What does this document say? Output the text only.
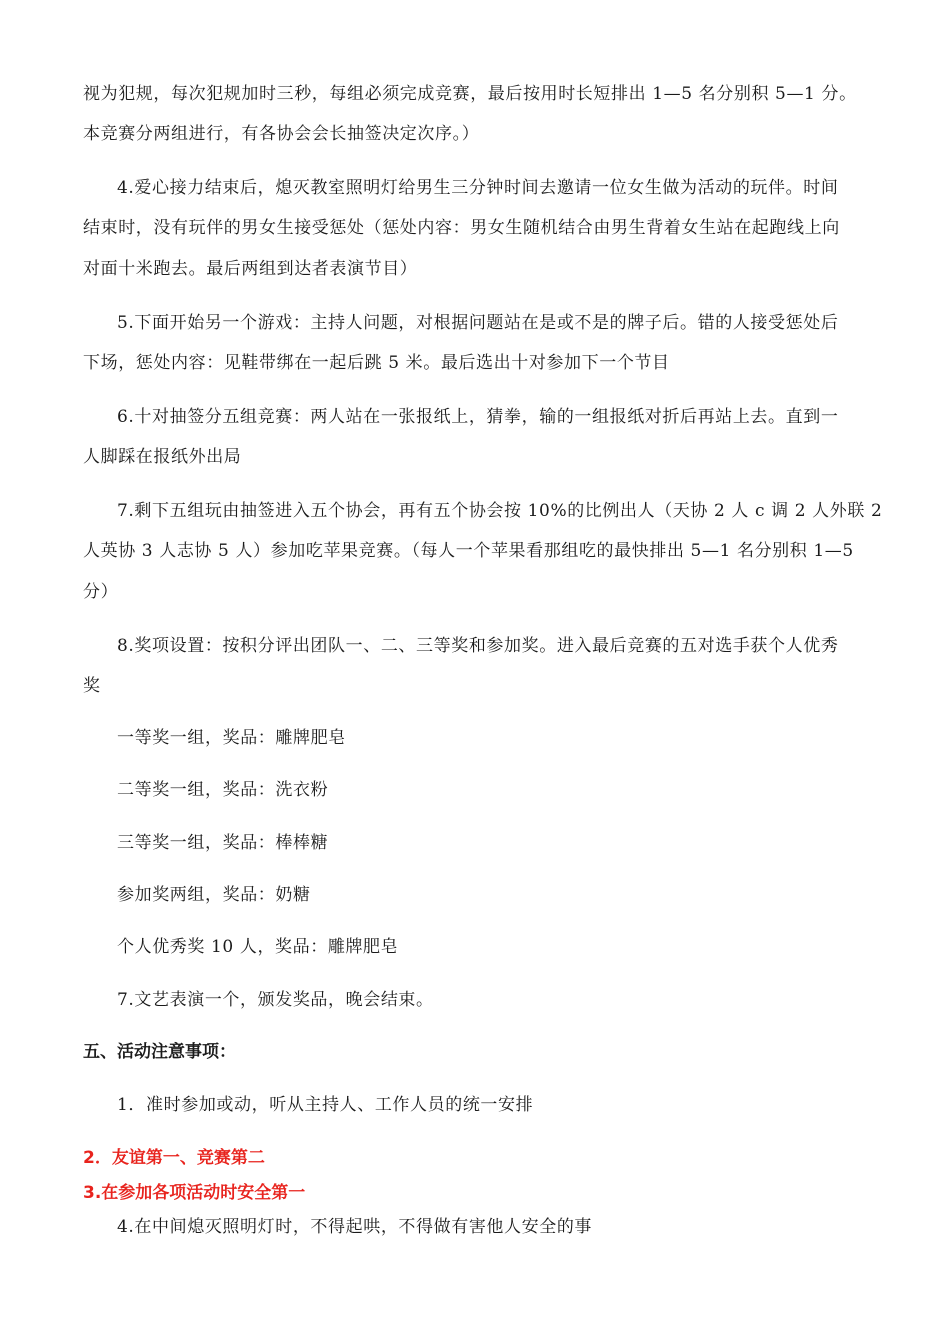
视为犯规，每次犯规加时三秒，每组必须完成竞赛，最后按用时长短排出 1—5 名分别积 5—1 分。
本竞赛分两组进行，有各协会会长抽签决定次序。）
4.爱心接力结束后，熄灭教室照明灯给男生三分钟时间去邀请一位女生做为活动的玩伴。时间
结束时，没有玩伴的男女生接受惩处（惩处内容：男女生随机结合由男生背着女生站在起跑线上向
对面十米跑去。最后两组到达者表演节目）
5.下面开始另一个游戏：主持人问题，对根据问题站在是或不是的牌子后。错的人接受惩处后
下场，惩处内容：见鞋带绑在一起后跳 5 米。最后选出十对参加下一个节目
6.十对抽签分五组竞赛：两人站在一张报纸上，猜拳，输的一组报纸对折后再站上去。直到一
人脚踩在报纸外出局
7.剩下五组玩由抽签进入五个协会，再有五个协会按 10%的比例出人（天协 2 人 c 调 2 人外联 2
人英协 3 人志协 5 人）参加吃苹果竞赛。（每人一个苹果看那组吃的最快排出 5—1 名分别积 1—5
分）
8.奖项设置：按积分评出团队一、二、三等奖和参加奖。进入最后竞赛的五对选手获个人优秀
奖
一等奖一组，奖品：雕牌肥皂
二等奖一组，奖品：洗衣粉
三等奖一组，奖品：棒棒糖
参加奖两组，奖品：奶糖
个人优秀奖 10 人，奖品：雕牌肥皂
7.文艺表演一个，颁发奖品，晚会结束。
五、活动注意事项：
1．准时参加或动，听从主持人、工作人员的统一安排
2．友谊第一、竞赛第二
3.在参加各项活动时安全第一
4.在中间熄灭照明灯时，不得起哄，不得做有害他人安全的事
